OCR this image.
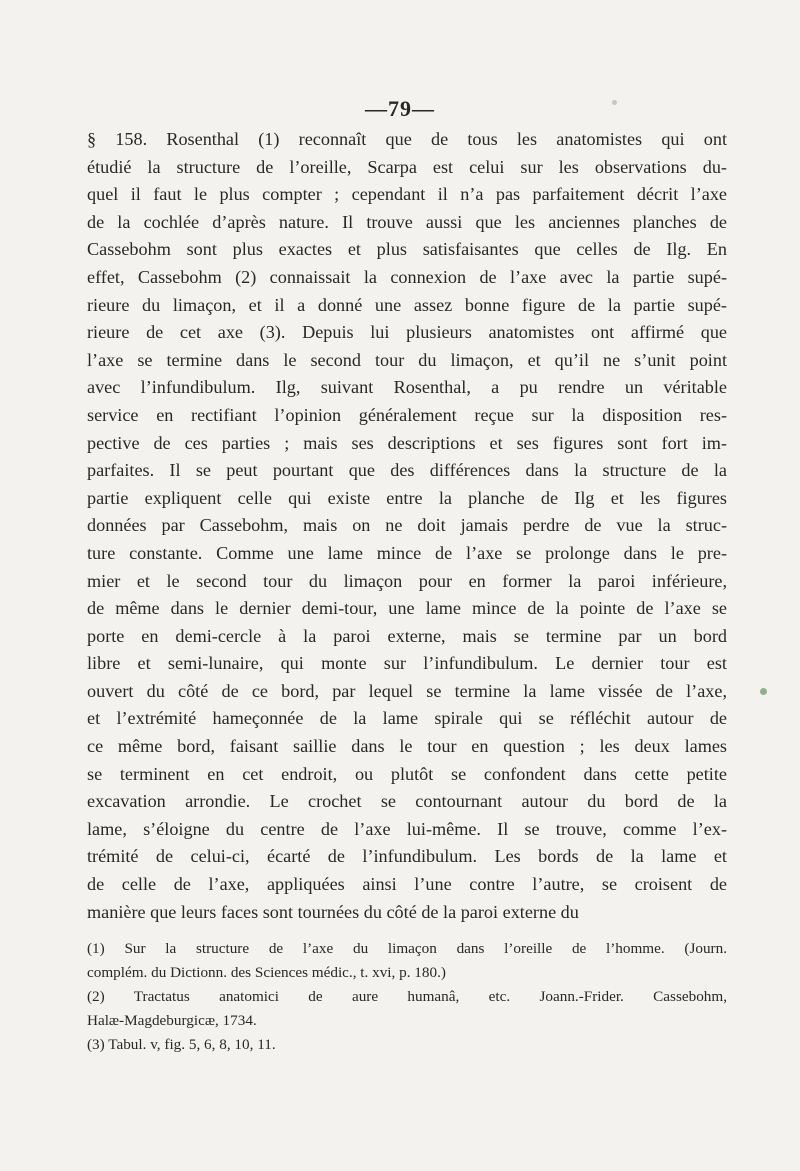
—79—
§ 158. Rosenthal (1) reconnaît que de tous les anatomistes qui ont
étudié la structure de l’oreille, Scarpa est celui sur les observations du-
quel il faut le plus compter ; cependant il n’a pas parfaitement décrit l’axe
de la cochlée d’après nature. Il trouve aussi que les anciennes planches de
Cassebohm sont plus exactes et plus satisfaisantes que celles de Ilg. En
effet, Cassebohm (2) connaissait la connexion de l’axe avec la partie supé-
rieure du limaçon, et il a donné une assez bonne figure de la partie supé-
rieure de cet axe (3). Depuis lui plusieurs anatomistes ont affirmé que
l’axe se termine dans le second tour du limaçon, et qu’il ne s’unit point
avec l’infundibulum. Ilg, suivant Rosenthal, a pu rendre un véritable
service en rectifiant l’opinion généralement reçue sur la disposition res-
pective de ces parties ; mais ses descriptions et ses figures sont fort im-
parfaites. Il se peut pourtant que des différences dans la structure de la
partie expliquent celle qui existe entre la planche de Ilg et les figures
données par Cassebohm, mais on ne doit jamais perdre de vue la struc-
ture constante. Comme une lame mince de l’axe se prolonge dans le pre-
mier et le second tour du limaçon pour en former la paroi inférieure,
de même dans le dernier demi-tour, une lame mince de la pointe de l’axe se
porte en demi-cercle à la paroi externe, mais se termine par un bord
libre et semi-lunaire, qui monte sur l’infundibulum. Le dernier tour est
ouvert du côté de ce bord, par lequel se termine la lame vissée de l’axe,
et l’extrémité hameçonnée de la lame spirale qui se réfléchit autour de
ce même bord, faisant saillie dans le tour en question ; les deux lames
se terminent en cet endroit, ou plutôt se confondent dans cette petite
excavation arrondie. Le crochet se contournant autour du bord de la
lame, s’éloigne du centre de l’axe lui-même. Il se trouve, comme l’ex-
trémité de celui-ci, écarté de l’infundibulum. Les bords de la lame et
de celle de l’axe, appliquées ainsi l’une contre l’autre, se croisent de
manière que leurs faces sont tournées du côté de la paroi externe du
(1) Sur la structure de l’axe du limaçon dans l’oreille de l’homme. (Journ.
complém. du Dictionn. des Sciences médic., t. xvi, p. 180.)
(2) Tractatus anatomici de aure humanâ, etc. Joann.-Frider. Cassebohm,
Halæ-Magdeburgicæ, 1734.
(3) Tabul. v, fig. 5, 6, 8, 10, 11.
